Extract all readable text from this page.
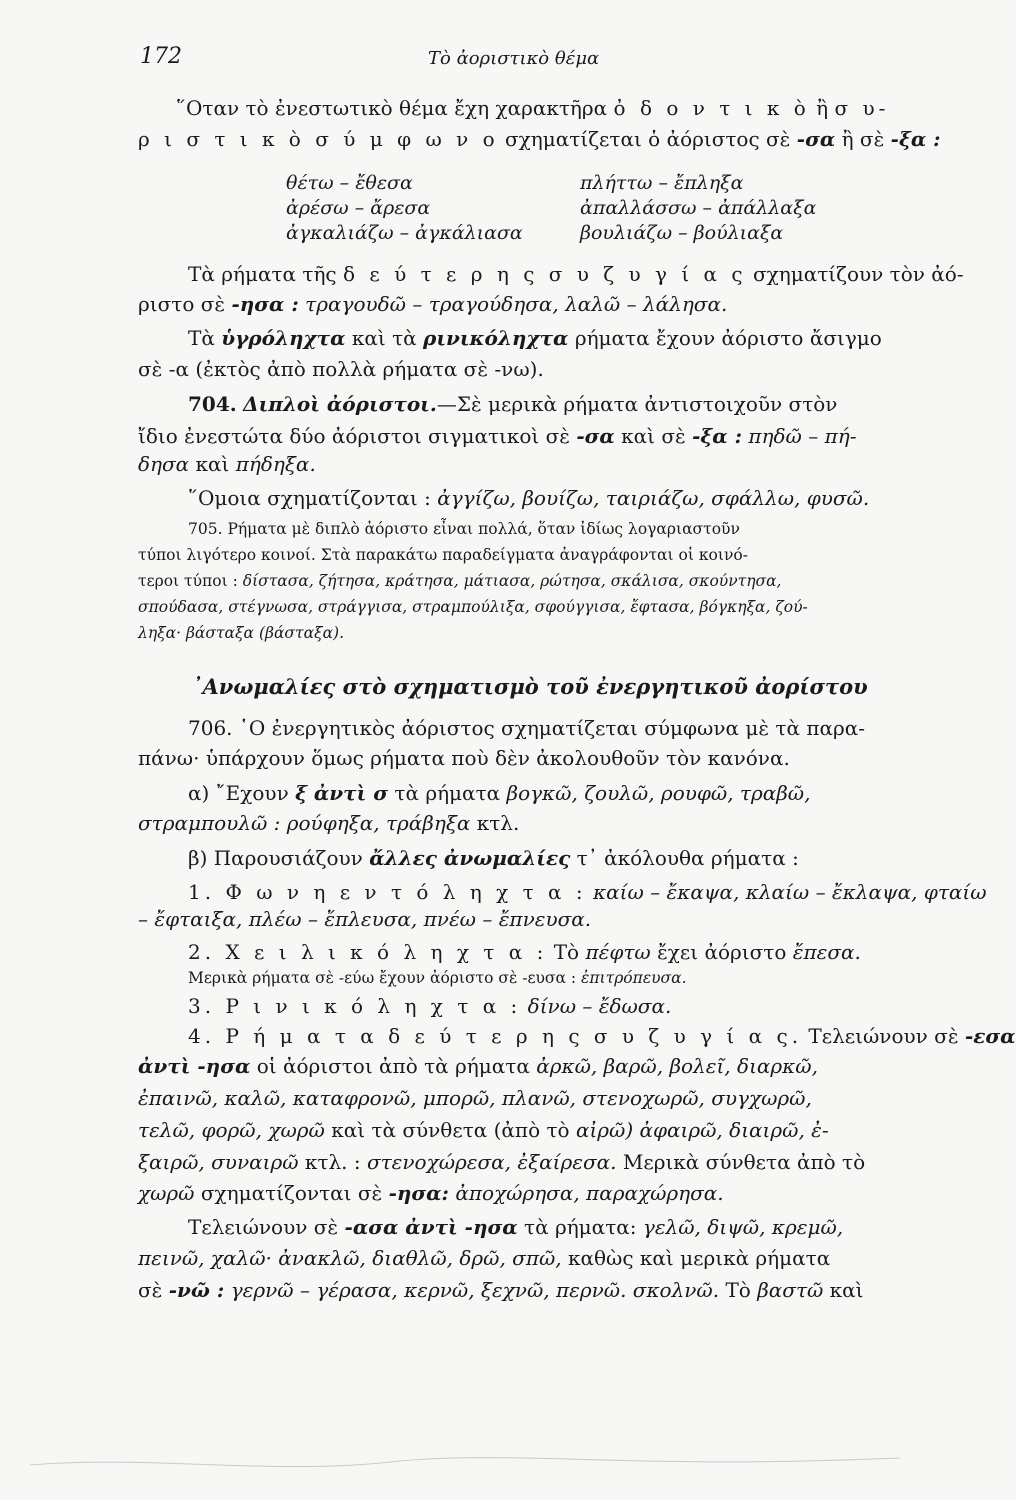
172	Τὸ ἀοριστικὸ θέμα
῞Οταν τὸ ἐνεστωτικὸ θέμα ἔχη χαρακτῆρα ὀ δ ο ν τ ι κ ὸ ἢ σ υ-
ρ ι σ τ ι κ ὸ σ ύ μ φ ω ν ο σχηματίζεται ὁ ἀόριστος σὲ -σα ἢ σὲ -ξα :
θέτω – ἔθεσα
ἀρέσω – ἄρεσα
ἀγκαλιάζω – ἀγκάλιασα
πλήττω – ἔπληξα
ἀπαλλάσσω – ἀπάλλαξα
βουλιάζω – βούλιαξα
Τὰ ρήματα τῆς δ ε ύ τ ε ρ η ς σ υ ζ υ γ ί α ς σχηματίζουν τὸν ἀό-
ριστο σὲ -ησα : τραγουδῶ – τραγούδησα, λαλῶ – λάλησα.
Τὰ ὑγρόληχτα καὶ τὰ ρινικόληχτα ρήματα ἔχουν ἀόριστο ἄσιγμο
σὲ -α (ἐκτὸς ἀπὸ πολλὰ ρήματα σὲ -νω).
704. Διπλοὶ ἀόριστοι.—Σὲ μερικὰ ρήματα ἀντιστοιχοῦν στὸν
ἴδιο ἐνεστώτα δύο ἀόριστοι σιγματικοὶ σὲ -σα καὶ σὲ -ξα : πηδῶ – πή-
δησα καὶ πήδηξα.
῞Ομοια σχηματίζονται : ἀγγίζω, βουίζω, ταιριάζω, σφάλλω, φυσῶ.
705. Ρήματα μὲ διπλὸ ἀόριστο εἶναι πολλά, ὅταν ἰδίως λογαριαστοῦν
τύποι λιγότερο κοινοί. Στὰ παρακάτω παραδείγματα ἀναγράφονται οἱ κοινό-
τεροι τύποι : δίστασα, ζήτησα, κράτησα, μάτιασα, ρώτησα, σκάλισα, σκούντησα,
σπούδασα, στέγνωσα, στράγγισα, στραμπούλιξα, σφούγγισα, ἔφτασα, βόγκηξα, ζού-
ληξα· βάσταξα (βάσταξα).
᾿Ανωμαλίες στὸ σχηματισμὸ τοῦ ἐνεργητικοῦ ἀορίστου
706. ῾Ο ἐνεργητικὸς ἀόριστος σχηματίζεται σύμφωνα μὲ τὰ παρα-
πάνω· ὑπάρχουν ὅμως ρήματα ποὺ δὲν ἀκολουθοῦν τὸν κανόνα.
α) ῎Εχουν ξ ἀντὶ σ τὰ ρήματα βογκῶ, ζουλῶ, ρουφῶ, τραβῶ,
στραμπουλῶ : ρούφηξα, τράβηξα κτλ.
β) Παρουσιάζουν ἄλλες ἀνωμαλίες τ᾿ ἀκόλουθα ρήματα :
1. Φ ω ν η ε ν τ ό λ η χ τ α : καίω – ἔκαψα, κλαίω – ἔκλαψα, φταίω
– ἔφταιξα, πλέω – ἔπλευσα, πνέω – ἔπνευσα.
2. Χ ε ι λ ι κ ό λ η χ τ α : Τὸ πέφτω ἔχει ἀόριστο ἔπεσα.
Μερικὰ ρήματα σὲ -εύω ἔχουν ἀόριστο σὲ -ευσα : ἐπιτρόπευσα.
3. Ρ ι ν ι κ ό λ η χ τ α : δίνω – ἔδωσα.
4. Ρ ή μ α τ α δ ε ύ τ ε ρ η ς σ υ ζ υ γ ί α ς. Τελειώνουν σὲ -εσα
ἀντὶ -ησα οἱ ἀόριστοι ἀπὸ τὰ ρήματα ἀρκῶ, βαρῶ, βολεῖ, διαρκῶ,
ἐπαινῶ, καλῶ, καταφρονῶ, μπορῶ, πλανῶ, στενοχωρῶ, συγχωρῶ,
τελῶ, φορῶ, χωρῶ καὶ τὰ σύνθετα (ἀπὸ τὸ αἰρῶ) ἀφαιρῶ, διαιρῶ, ἐ-
ξαιρῶ, συναιρῶ κτλ. : στενοχώρεσα, ἐξαίρεσα. Μερικὰ σύνθετα ἀπὸ τὸ
χωρῶ σχηματίζονται σὲ -ησα: ἀποχώρησα, παραχώρησα.
Τελειώνουν σὲ -ασα ἀντὶ -ησα τὰ ρήματα: γελῶ, διψῶ, κρεμῶ,
πεινῶ, χαλῶ· ἀνακλῶ, διαθλῶ, δρῶ, σπῶ, καθὼς καὶ μερικὰ ρήματα
σὲ -νῶ : γερνῶ – γέρασα, κερνῶ, ξεχνῶ, περνῶ. σκολνῶ. Τὸ βαστῶ καὶ
